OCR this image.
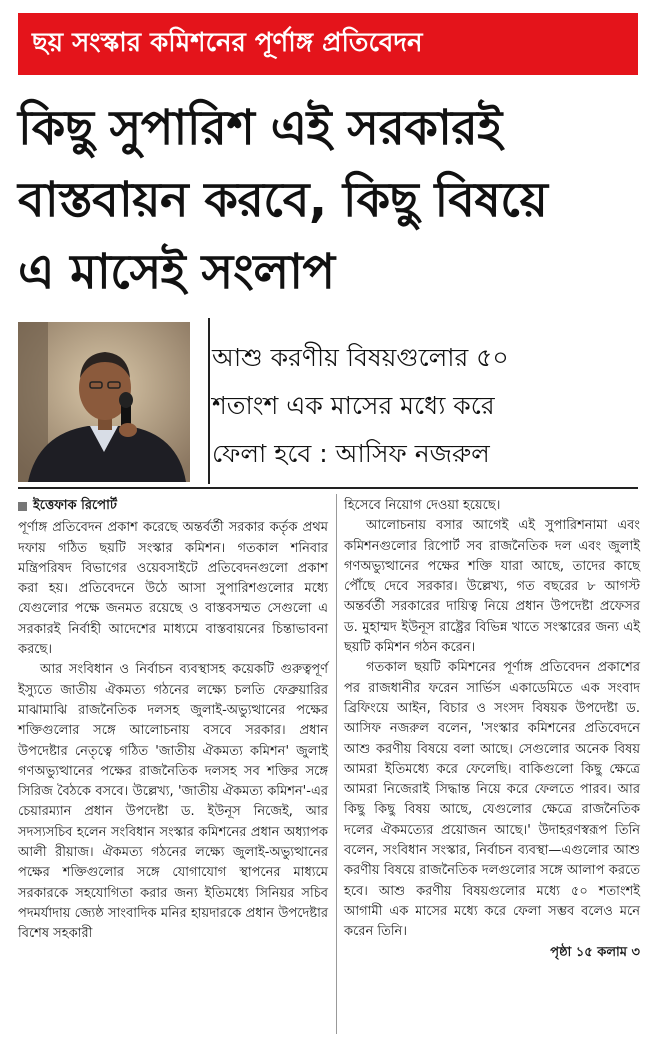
ছয় সংস্কার কমিশনের পূর্ণাঙ্গ প্রতিবেদন
কিছু সুপারিশ এই সরকারই
বাস্তবায়ন করবে, কিছু বিষয়ে
এ মাসেই সংলাপ
আশু করণীয় বিষয়গুলোর ৫০
শতাংশ এক মাসের মধ্যে করে
ফেলা হবে : আসিফ নজরুল
ইত্তেফাক রিপোর্ট

পূর্ণাঙ্গ প্রতিবেদন প্রকাশ করেছে অন্তর্বর্তী সরকার কর্তৃক প্রথম দফায় গঠিত ছয়টি সংস্কার কমিশন। গতকাল শনিবার মন্ত্রিপরিষদ বিভাগের ওয়েবসাইটে প্রতিবেদনগুলো প্রকাশ করা হয়। প্রতিবেদনে উঠে আসা সুপারিশগুলোর মধ্যে যেগুলোর পক্ষে জনমত রয়েছে ও বাস্তবসম্মত সেগুলো এ সরকারই নির্বাহী আদেশের মাধ্যমে বাস্তবায়নের চিন্তাভাবনা করছে।

আর সংবিধান ও নির্বাচন ব্যবস্থাসহ কয়েকটি গুরুত্বপূর্ণ ইস্যুতে জাতীয় ঐকমত্য গঠনের লক্ষ্যে চলতি ফেব্রুয়ারির মাঝামাঝি রাজনৈতিক দলসহ জুলাই-অভ্যুত্থানের পক্ষের শক্তিগুলোর সঙ্গে আলোচনায় বসবে সরকার। প্রধান উপদেষ্টার নেতৃত্বে গঠিত 'জাতীয় ঐকমত্য কমিশন' জুলাই গণঅভ্যুত্থানের পক্ষের রাজনৈতিক দলসহ সব শক্তির সঙ্গে সিরিজ বৈঠকে বসবে। উল্লেখ্য, 'জাতীয় ঐকমত্য কমিশন'-এর চেয়ারম্যান প্রধান উপদেষ্টা ড. ইউনূস নিজেই, আর সদস্যসচিব হলেন সংবিধান সংস্কার কমিশনের প্রধান অধ্যাপক আলী রীয়াজ। ঐকমত্য গঠনের লক্ষ্যে জুলাই-অভ্যুত্থানের পক্ষের শক্তিগুলোর সঙ্গে যোগাযোগ স্থাপনের মাধ্যমে সরকারকে সহযোগিতা করার জন্য ইতিমধ্যে সিনিয়র সচিব পদমর্যাদায় জ্যেষ্ঠ সাংবাদিক মনির হায়দারকে প্রধান উপদেষ্টার বিশেষ সহকারী

হিসেবে নিয়োগ দেওয়া হয়েছে।

আলোচনায় বসার আগেই এই সুপারিশনামা এবং কমিশনগুলোর রিপোর্ট সব রাজনৈতিক দল এবং জুলাই গণঅভ্যুত্থানের পক্ষের শক্তি যারা আছে, তাদের কাছে পৌঁছে দেবে সরকার। উল্লেখ্য, গত বছরের ৮ আগস্ট অন্তর্বর্তী সরকারের দায়িত্ব নিয়ে প্রধান উপদেষ্টা প্রফেসর ড. মুহাম্মদ ইউনূস রাষ্ট্রের বিভিন্ন খাতে সংস্কারের জন্য এই ছয়টি কমিশন গঠন করেন।

গতকাল ছয়টি কমিশনের পূর্ণাঙ্গ প্রতিবেদন প্রকাশের পর রাজধানীর ফরেন সার্ভিস একাডেমিতে এক সংবাদ ব্রিফিংয়ে আইন, বিচার ও সংসদ বিষয়ক উপদেষ্টা ড. আসিফ নজরুল বলেন, 'সংস্কার কমিশনের প্রতিবেদনে আশু করণীয় বিষয়ে বলা আছে। সেগুলোর অনেক বিষয় আমরা ইতিমধ্যে করে ফেলেছি। বাকিগুলো কিছু ক্ষেত্রে আমরা নিজেরাই সিদ্ধান্ত নিয়ে করে ফেলতে পারব। আর কিছু কিছু বিষয় আছে, যেগুলোর ক্ষেত্রে রাজনৈতিক দলের ঐকমত্যের প্রয়োজন আছে।' উদাহরণস্বরূপ তিনি বলেন, সংবিধান সংস্কার, নির্বাচন ব্যবস্থা—এগুলোর আশু করণীয় বিষয়ে রাজনৈতিক দলগুলোর সঙ্গে আলাপ করতে হবে। আশু করণীয় বিষয়গুলোর মধ্যে ৫০ শতাংশই আগামী এক মাসের মধ্যে করে ফেলা সম্ভব বলেও মনে করেন তিনি।

পৃষ্ঠা ১৫ কলাম ৩
